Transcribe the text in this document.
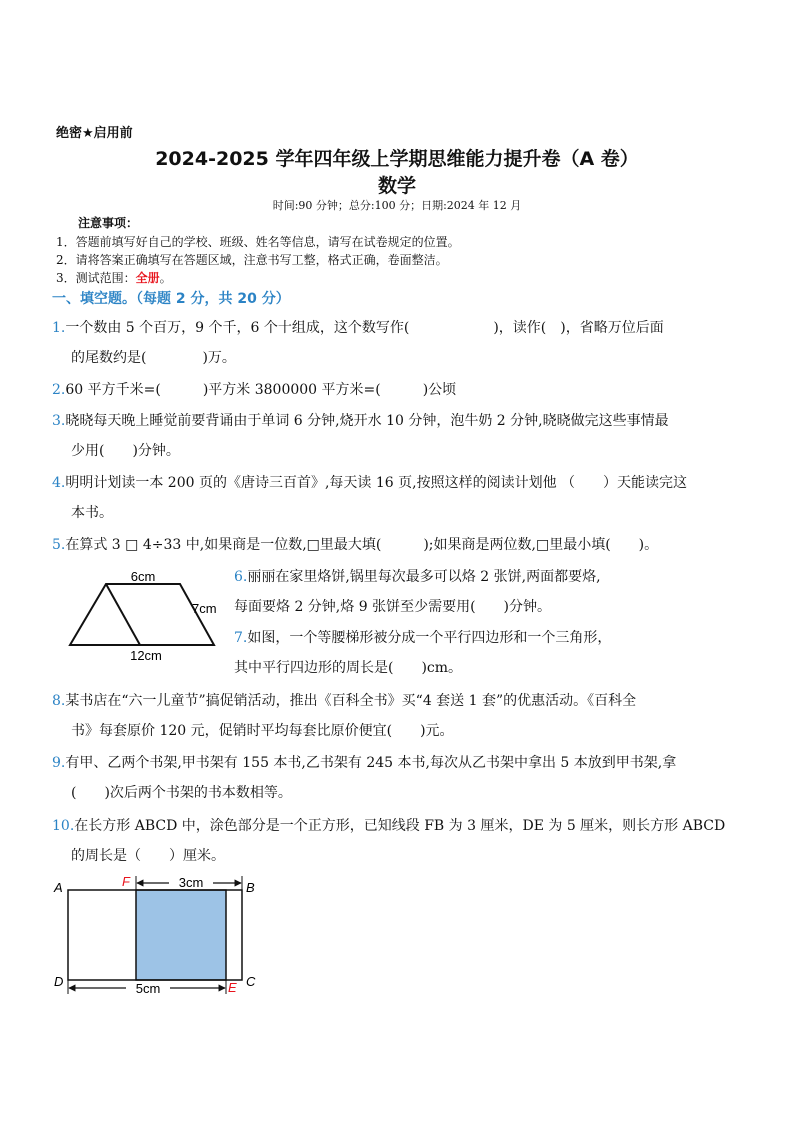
绝密★启用前
2024-2025 学年四年级上学期思维能力提升卷（A 卷）
数学
时间:90 分钟；总分:100 分；日期:2024 年 12 月
注意事项：
1．答题前填写好自己的学校、班级、姓名等信息，请写在试卷规定的位置。
2．请将答案正确填写在答题区域，注意书写工整，格式正确，卷面整洁。
3．测试范围：全册。
一、填空题。（每题 2 分，共 20 分）
1.一个数由 5 个百万，9 个千，6 个十组成，这个数写作(　　　　　　)，读作(　)，省略万位后面
的尾数约是(　　　　)万。
2.60 平方千米=(　　　)平方米 3800000 平方米=(　　　)公顷
3.晓晓每天晚上睡觉前要背诵由于单词 6 分钟,烧开水 10 分钟，泡牛奶 2 分钟,晓晓做完这些事情最
少用(　　)分钟。
4.明明计划读一本 200 页的《唐诗三百首》,每天读 16 页,按照这样的阅读计划他 （　　）天能读完这
本书。
5.在算式 3 □ 4÷33 中,如果商是一位数,□里最大填(　　　);如果商是两位数,□里最小填(　　)。
6cm
7cm
12cm
6.丽丽在家里烙饼,锅里每次最多可以烙 2 张饼,两面都要烙,
每面要烙 2 分钟,烙 9 张饼至少需要用(　　)分钟。
7.如图，一个等腰梯形被分成一个平行四边形和一个三角形，
其中平行四边形的周长是(　　)cm。
8.某书店在“六一儿童节”搞促销活动，推出《百科全书》买“4 套送 1 套”的优惠活动。《百科全
书》每套原价 120 元，促销时平均每套比原价便宜(　　)元。
9.有甲、乙两个书架,甲书架有 155 本书,乙书架有 245 本书,每次从乙书架中拿出 5 本放到甲书架,拿
(　　)次后两个书架的书本数相等。
10.在长方形 ABCD 中，涂色部分是一个正方形，已知线段 FB 为 3 厘米，DE 为 5 厘米，则长方形 ABCD
的周长是（　　）厘米。
3cm
5cm
A	B
C
D
F
E
